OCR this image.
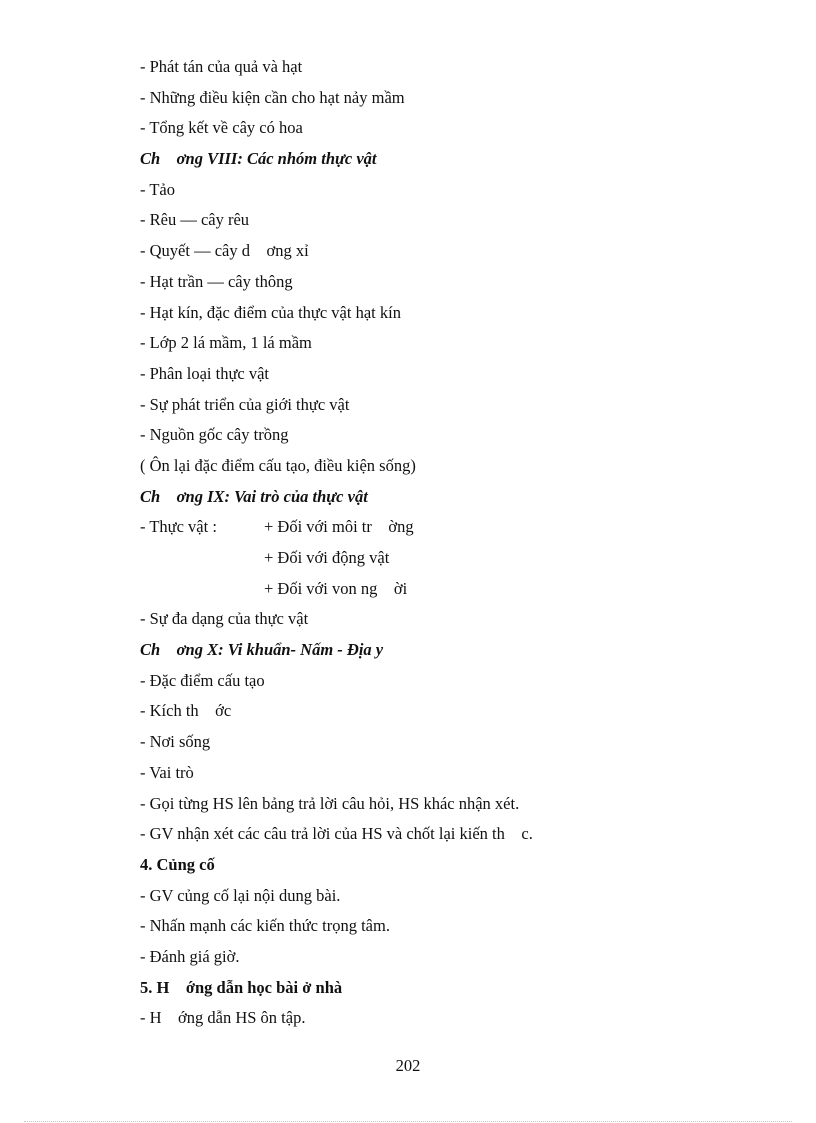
- Phát tán của quả và hạt
- Những điều kiện cần cho hạt nảy mầm
- Tổng kết về cây có hoa
Ch    ơng VIII: Các nhóm thực vật
- Tảo
- Rêu — cây rêu
- Quyết — cây d    ơng xỉ
- Hạt trần — cây thông
- Hạt kín, đặc điểm của thực vật hạt kín
- Lớp 2 lá mầm, 1 lá mầm
- Phân loại thực vật
- Sự phát triển của giới thực vật
- Nguồn gốc cây trồng
( Ôn lại đặc điểm cấu tạo, điều kiện sống)
Ch    ơng IX: Vai trò của thực vật
- Thực vật :	+ Đối với môi tr    ờng
+ Đối với động vật
+ Đối với von ng    ời
- Sự đa dạng của thực vật
Ch    ơng X: Vi khuẩn- Nấm - Địa y
- Đặc điểm cấu tạo
- Kích th    ớc
- Nơi sống
- Vai trò
- Gọi từng HS lên bảng trả lời câu hỏi, HS khác nhận xét.
- GV nhận xét các câu trả lời của HS và chốt lại kiến th    c.
4. Củng cố
- GV củng cố lại nội dung bài.
- Nhấn mạnh các kiến thức trọng tâm.
- Đánh giá giờ.
5. H    ớng dẫn học bài ở nhà
- H    ớng dẫn HS ôn tập.
202
